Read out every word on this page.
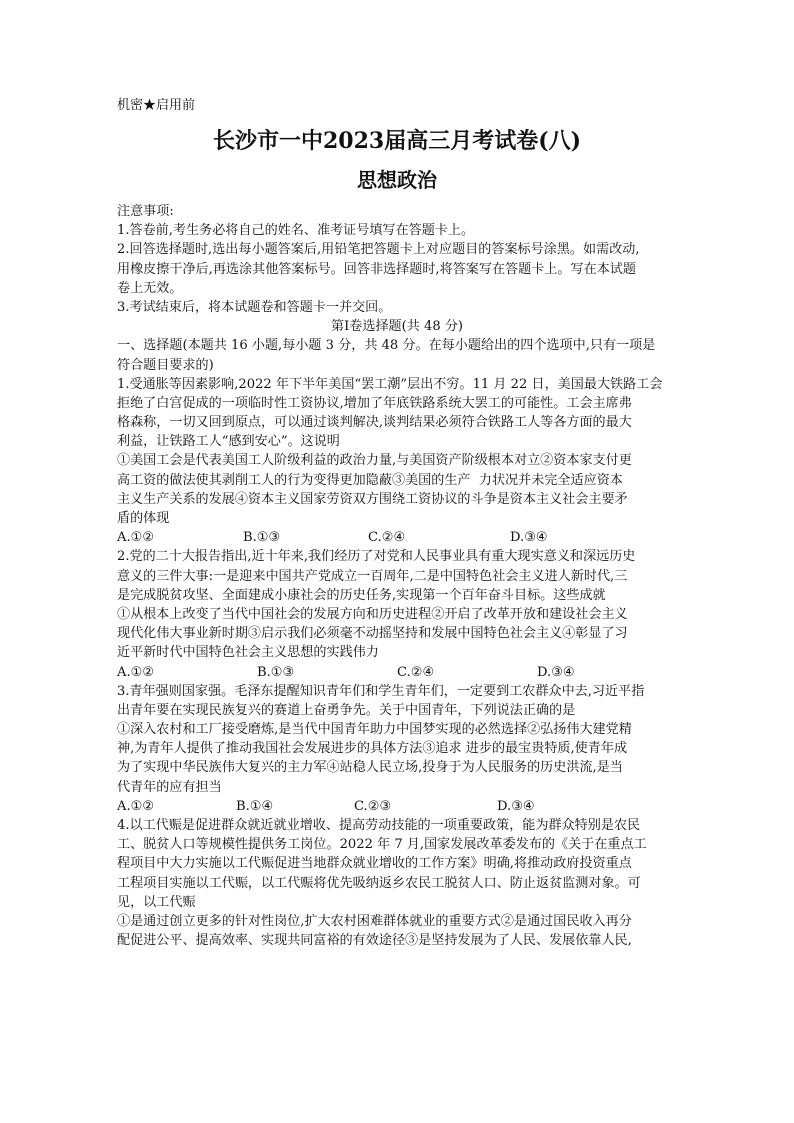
机密★启用前
长沙市一中2023届高三月考试卷(八)
思想政治
注意事项:
1.答卷前,考生务必将自己的姓名、准考证号填写在答题卡上。
2.回答选择题时,选出每小题答案后,用铅笔把答题卡上对应题目的答案标号涂黑。如需改动,
用橡皮擦干净后,再选涂其他答案标号。回答非选择题时,将答案写在答题卡上。写在本试题
卷上无效。
3.考试结束后，将本试题卷和答题卡一并交回。
第Ⅰ卷选择题(共 48 分)
一、选择题(本题共 16 小题,每小题 3 分，共 48 分。在每小题给出的四个选项中,只有一项是
符合题目要求的)
1.受通胀等因素影响,2022 年下半年美国“罢工潮”层出不穷。11 月 22 日，美国最大铁路工会
拒绝了白宫促成的一项临时性工资协议,增加了年底铁路系统大罢工的可能性。工会主席弗
格森称，一切又回到原点，可以通过谈判解决,谈判结果必须符合铁路工人等各方面的最大
利益，让铁路工人“感到安心”。这说明
①美国工会是代表美国工人阶级利益的政治力量,与美国资产阶级根本对立②资本家支付更
高工资的做法使其剥削工人的行为变得更加隐蔽③美国的生产  力状况并未完全适应资本
主义生产关系的发展④资本主义国家劳资双方围绕工资协议的斗争是资本主义社会主要矛
盾的体现
A.①②	B.①③	C.②④	D.③④
2.党的二十大报告指出,近十年来,我们经历了对党和人民事业具有重大现实意义和深远历史
意义的三件大事:一是迎来中国共产党成立一百周年,二是中国特色社会主义进人新时代,三
是完成脱贫攻坚、全面建成小康社会的历史任务,实现第一个百年奋斗目标。这些成就
①从根本上改变了当代中国社会的发展方向和历史进程②开启了改革开放和建设社会主义
现代化伟大事业新时期③启示我们必须毫不动摇坚持和发展中国特色社会主义④彰显了习
近平新时代中国特色社会主义思想的实践伟力
A.①②	B.①③	C.②④	D.③④
3.青年强则国家强。毛泽东提醒知识青年们和学生青年们，一定要到工农群众中去,习近平指
出青年要在实现民族复兴的赛道上奋勇争先。关于中国青年，下列说法正确的是
①深入农村和工厂接受磨炼,是当代中国青年助力中国梦实现的必然选择②弘扬伟大建党精
神,为青年人提供了推动我国社会发展进步的具体方法③追求 进步的最宝贵特质,使青年成
为了实现中华民族伟大复兴的主力军④站稳人民立场,投身于为人民服务的历史洪流,是当
代青年的应有担当
A.①②	B.①④	C.②③	D.③④
4.以工代赈是促进群众就近就业增收、提高劳动技能的一项重要政策，能为群众特别是农民
工、脱贫人口等规模性提供务工岗位。2022 年 7 月,国家发展改革委发布的《关于在重点工
程项目中大力实施以工代赈促进当地群众就业增收的工作方案》明确,将推动政府投资重点
工程项目实施以工代赈，以工代赈将优先吸纳返乡农民工脱贫人口、防止返贫监测对象。可
见，以工代赈
①是通过创立更多的针对性岗位,扩大农村困难群体就业的重要方式②是通过国民收入再分
配促进公平、提高效率、实现共同富裕的有效途径③是坚持发展为了人民、发展依靠人民,
